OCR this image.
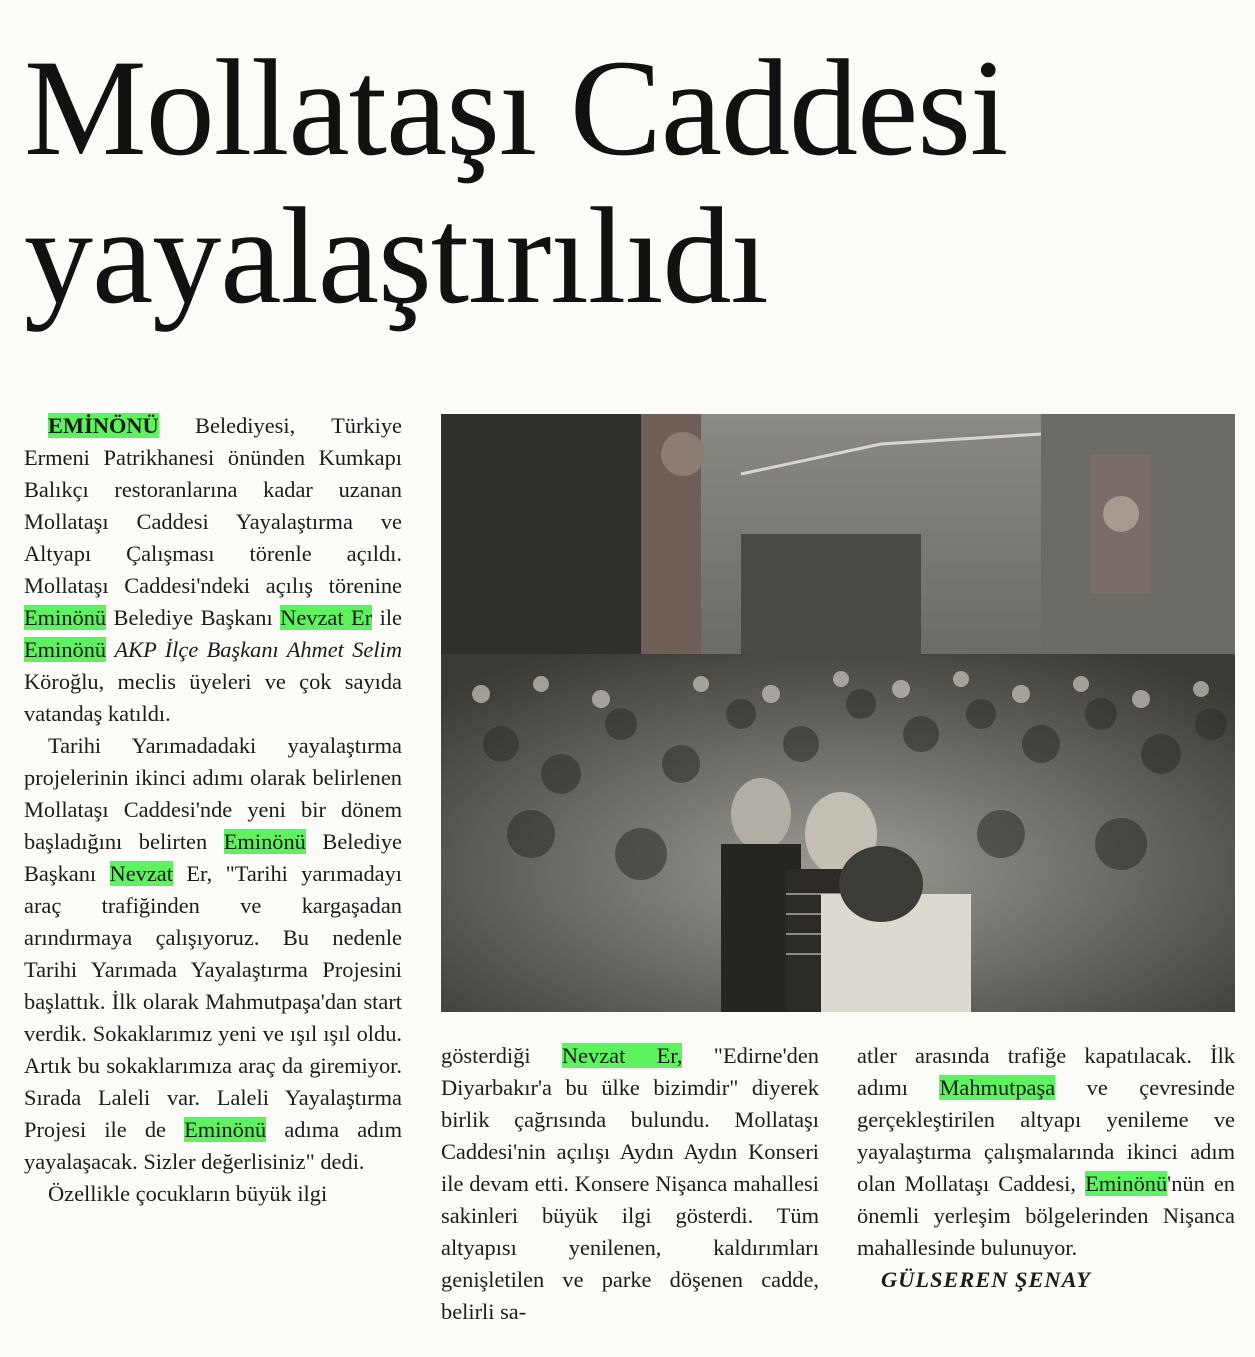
Mollataşı Caddesi
yayalaştırılıdı

EMİNÖNÜ Belediyesi, Türkiye Ermeni Patrikhanesi önünden Kumkapı Balıkçı restoranlarına kadar uzanan Mollataşı Caddesi Yayalaştırma ve Altyapı Çalışması törenle açıldı. Mollataşı Caddesi'ndeki açılış törenine Eminönü Belediye Başkanı Nevzat Er ile Eminönü AKP İlçe Başkanı Ahmet Selim Köroğlu, meclis üyeleri ve çok sayıda vatandaş katıldı.

Tarihi Yarımadadaki yayalaştırma projelerinin ikinci adımı olarak belirlenen Mollataşı Caddesi'nde yeni bir dönem başladığını belirten Eminönü Belediye Başkanı Nevzat Er, "Tarihi yarımadayı araç trafiğinden ve kargaşadan arındırmaya çalışıyoruz. Bu nedenle Tarihi Yarımada Yayalaştırma Projesini başlattık. İlk olarak Mahmutpaşa'dan start verdik. Sokaklarımız yeni ve ışıl ışıl oldu. Artık bu sokaklarımıza araç da giremiyor. Sırada Laleli var. Laleli Yayalaştırma Projesi ile de Eminönü adıma adım yayalaşacak. Sizler değerlisiniz" dedi.

Özellikle çocukların büyük ilgi

gösterdiği Nevzat Er, "Edirne'den Diyarbakır'a bu ülke bizimdir" diyerek birlik çağrısında bulundu. Mollataşı Caddesi'nin açılışı Aydın Aydın Konseri ile devam etti. Konsere Nişanca mahallesi sakinleri büyük ilgi gösterdi. Tüm altyapısı yenilenen, kaldırımları genişletilen ve parke döşenen cadde, belirli sa-

atler arasında trafiğe kapatılacak. İlk adımı Mahmutpaşa ve çevresinde gerçekleştirilen altyapı yenileme ve yayalaştırma çalışmalarında ikinci adım olan Mollataşı Caddesi, Eminönü'nün en önemli yerleşim bölgelerinden Nişanca mahallesinde bulunuyor.

GÜLSEREN ŞENAY
